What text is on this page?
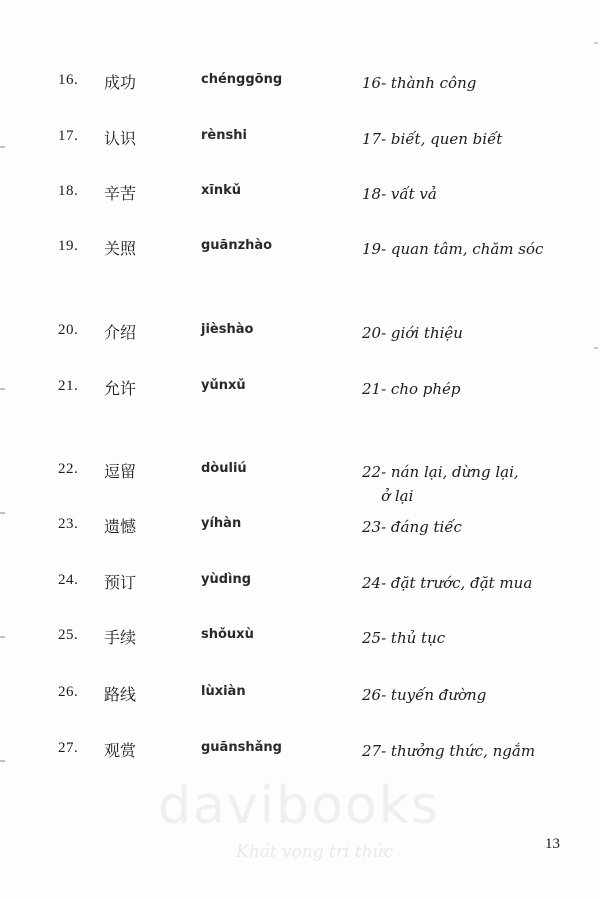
16. 成功	chénggōng	16- thành công
17. 认识	rènshi	17- biết, quen biết
18. 辛苦	xīnkǔ	18- vất vả
19. 关照	guānzhào	19- quan tâm, chăm sóc
20. 介绍	jièshào	20- giới thiệu
21. 允许	yǔnxǔ	21- cho phép
22. 逗留	dòuliú	22- nán lại, dừng lại,
ở lại
23. 遗憾	yíhàn	23- đáng tiếc
24. 预订	yùdìng	24- đặt trước, đặt mua
25. 手续	shǒuxù	25- thủ tục
26. 路线	lùxiàn	26- tuyến đường
27. 观赏	guānshǎng	27- thưởng thức, ngắm
davibooks
Khát vọng tri thức	13
